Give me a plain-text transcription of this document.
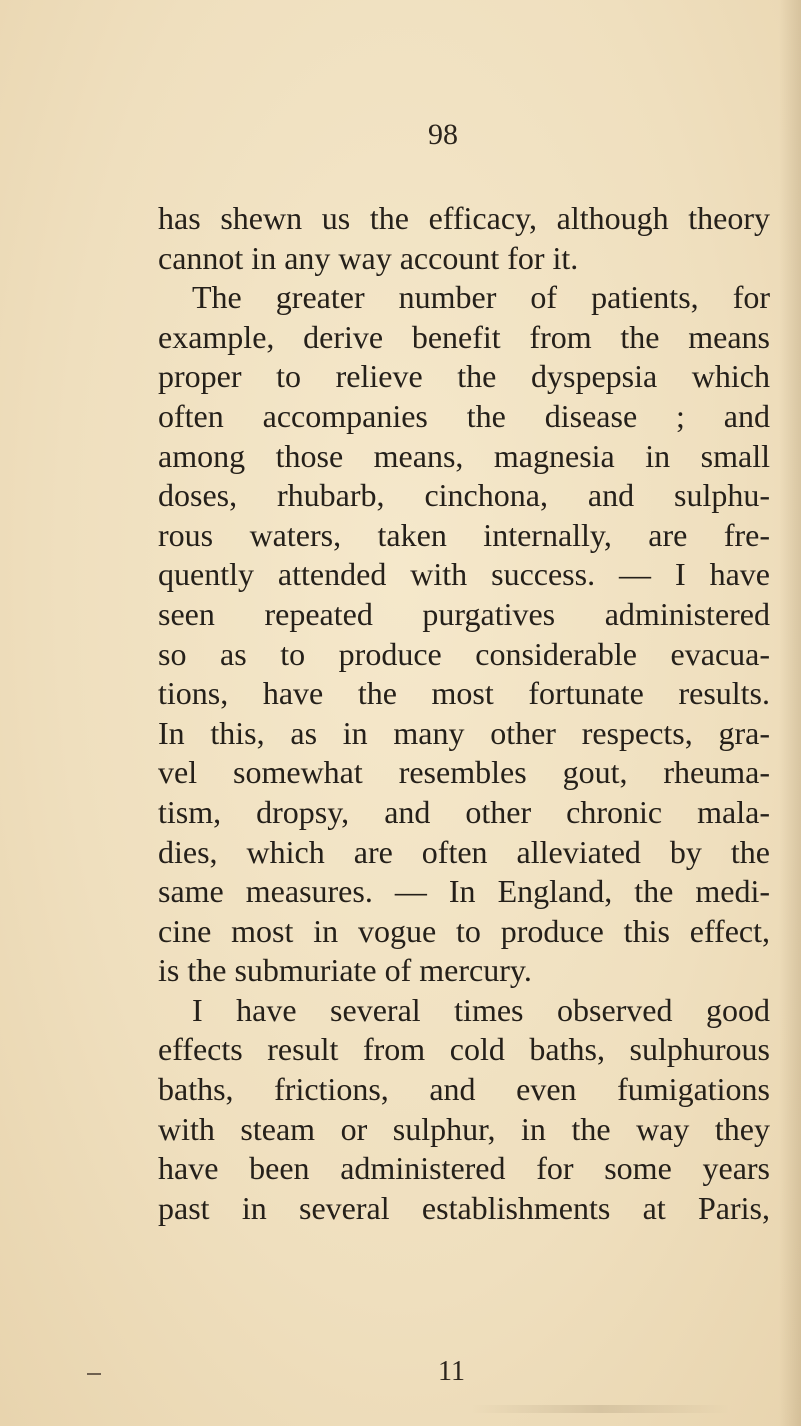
98
has shewn us the efficacy, although theory
cannot in any way account for it.
The greater number of patients, for
example, derive benefit from the means
proper to relieve the dyspepsia which
often accompanies the disease ; and
among those means, magnesia in small
doses, rhubarb, cinchona, and sulphu-
rous waters, taken internally, are fre-
quently attended with success. — I have
seen repeated purgatives administered
so as to produce considerable evacua-
tions, have the most fortunate results.
In this, as in many other respects, gra-
vel somewhat resembles gout, rheuma-
tism, dropsy, and other chronic mala-
dies, which are often alleviated by the
same measures. — In England, the medi-
cine most in vogue to produce this effect,
is the submuriate of mercury.
I have several times observed good
effects result from cold baths, sulphurous
baths, frictions, and even fumigations
with steam or sulphur, in the way they
have been administered for some years
past in several establishments at Paris,
11
